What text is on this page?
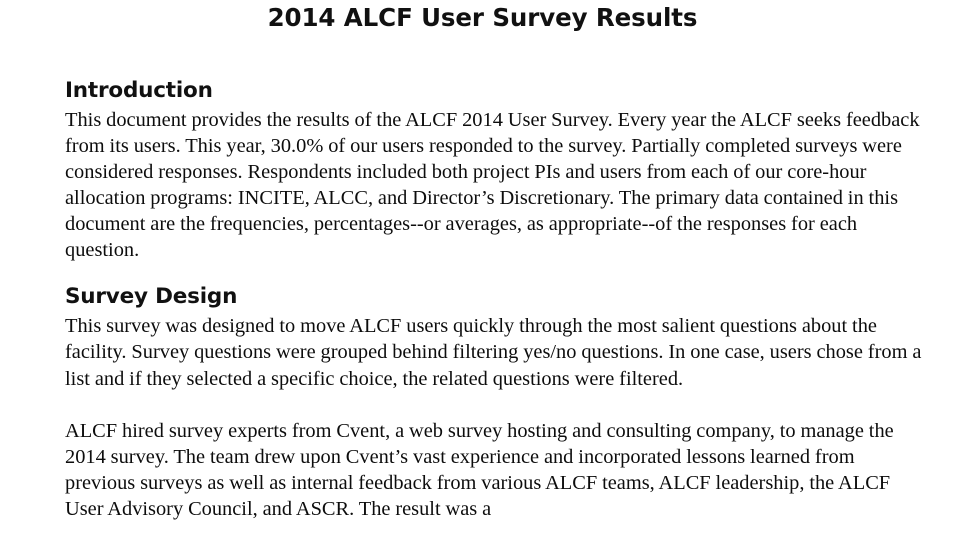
2014 ALCF User Survey Results
Introduction

This document provides the results of the ALCF 2014 User Survey. Every year the ALCF seeks feedback from its users. This year, 30.0% of our users responded to the survey. Partially completed surveys were considered responses. Respondents included both project PIs and users from each of our core-hour allocation programs: INCITE, ALCC, and Director’s Discretionary. The primary data contained in this document are the frequencies, percentages--or averages, as appropriate--of the responses for each question.

Survey Design

This survey was designed to move ALCF users quickly through the most salient questions about the facility. Survey questions were grouped behind filtering yes/no questions. In one case, users chose from a list and if they selected a specific choice, the related questions were filtered.

ALCF hired survey experts from Cvent, a web survey hosting and consulting company, to manage the 2014 survey. The team drew upon Cvent’s vast experience and incorporated lessons learned from previous surveys as well as internal feedback from various ALCF teams, ALCF leadership, the ALCF User Advisory Council, and ASCR. The result was a
